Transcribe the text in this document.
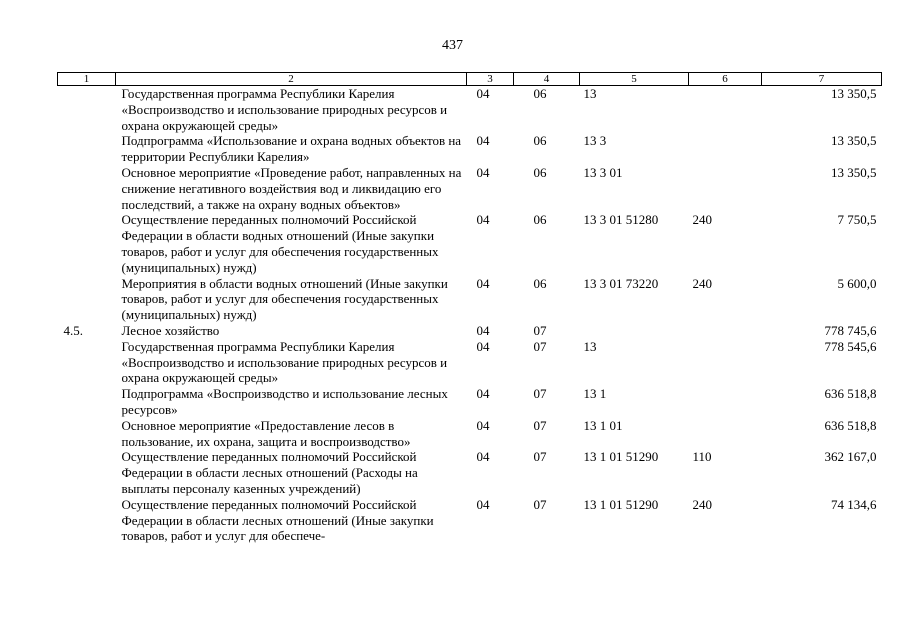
437
1	2	3	4	5	6	7
	Государственная программа Республики Карелия «Воспроизводство и использование природных ресурсов и охрана окружающей среды»	04	06	13		13 350,5
	Подпрограмма «Использование и охрана водных объектов на территории Республики Карелия»	04	06	13 3		13 350,5
	Основное мероприятие «Проведение работ, направленных на снижение негативного воздействия вод и ликвидацию его последствий, а также на охрану водных объектов»	04	06	13 3 01		13 350,5
	Осуществление переданных полномочий Российской Федерации в области водных отношений (Иные закупки товаров, работ и услуг для обеспечения государственных (муниципальных) нужд)	04	06	13 3 01 51280	240	7 750,5
	Мероприятия в области водных отношений (Иные закупки товаров, работ и услуг для обеспечения государственных (муниципальных) нужд)	04	06	13 3 01 73220	240	5 600,0
4.5.	Лесное хозяйство	04	07			778 745,6
	Государственная программа Республики Карелия «Воспроизводство и использование природных ресурсов и охрана окружающей среды»	04	07	13		778 545,6
	Подпрограмма «Воспроизводство и использование лесных ресурсов»	04	07	13 1		636 518,8
	Основное мероприятие «Предоставление лесов в пользование, их охрана, защита и воспроизводство»	04	07	13 1 01		636 518,8
	Осуществление переданных полномочий Российской Федерации в области лесных отношений (Расходы на выплаты персоналу казенных учреждений)	04	07	13 1 01 51290	110	362 167,0
	Осуществление переданных полномочий Российской Федерации в области лесных отношений (Иные закупки товаров, работ и услуг для обеспече-	04	07	13 1 01 51290	240	74 134,6
